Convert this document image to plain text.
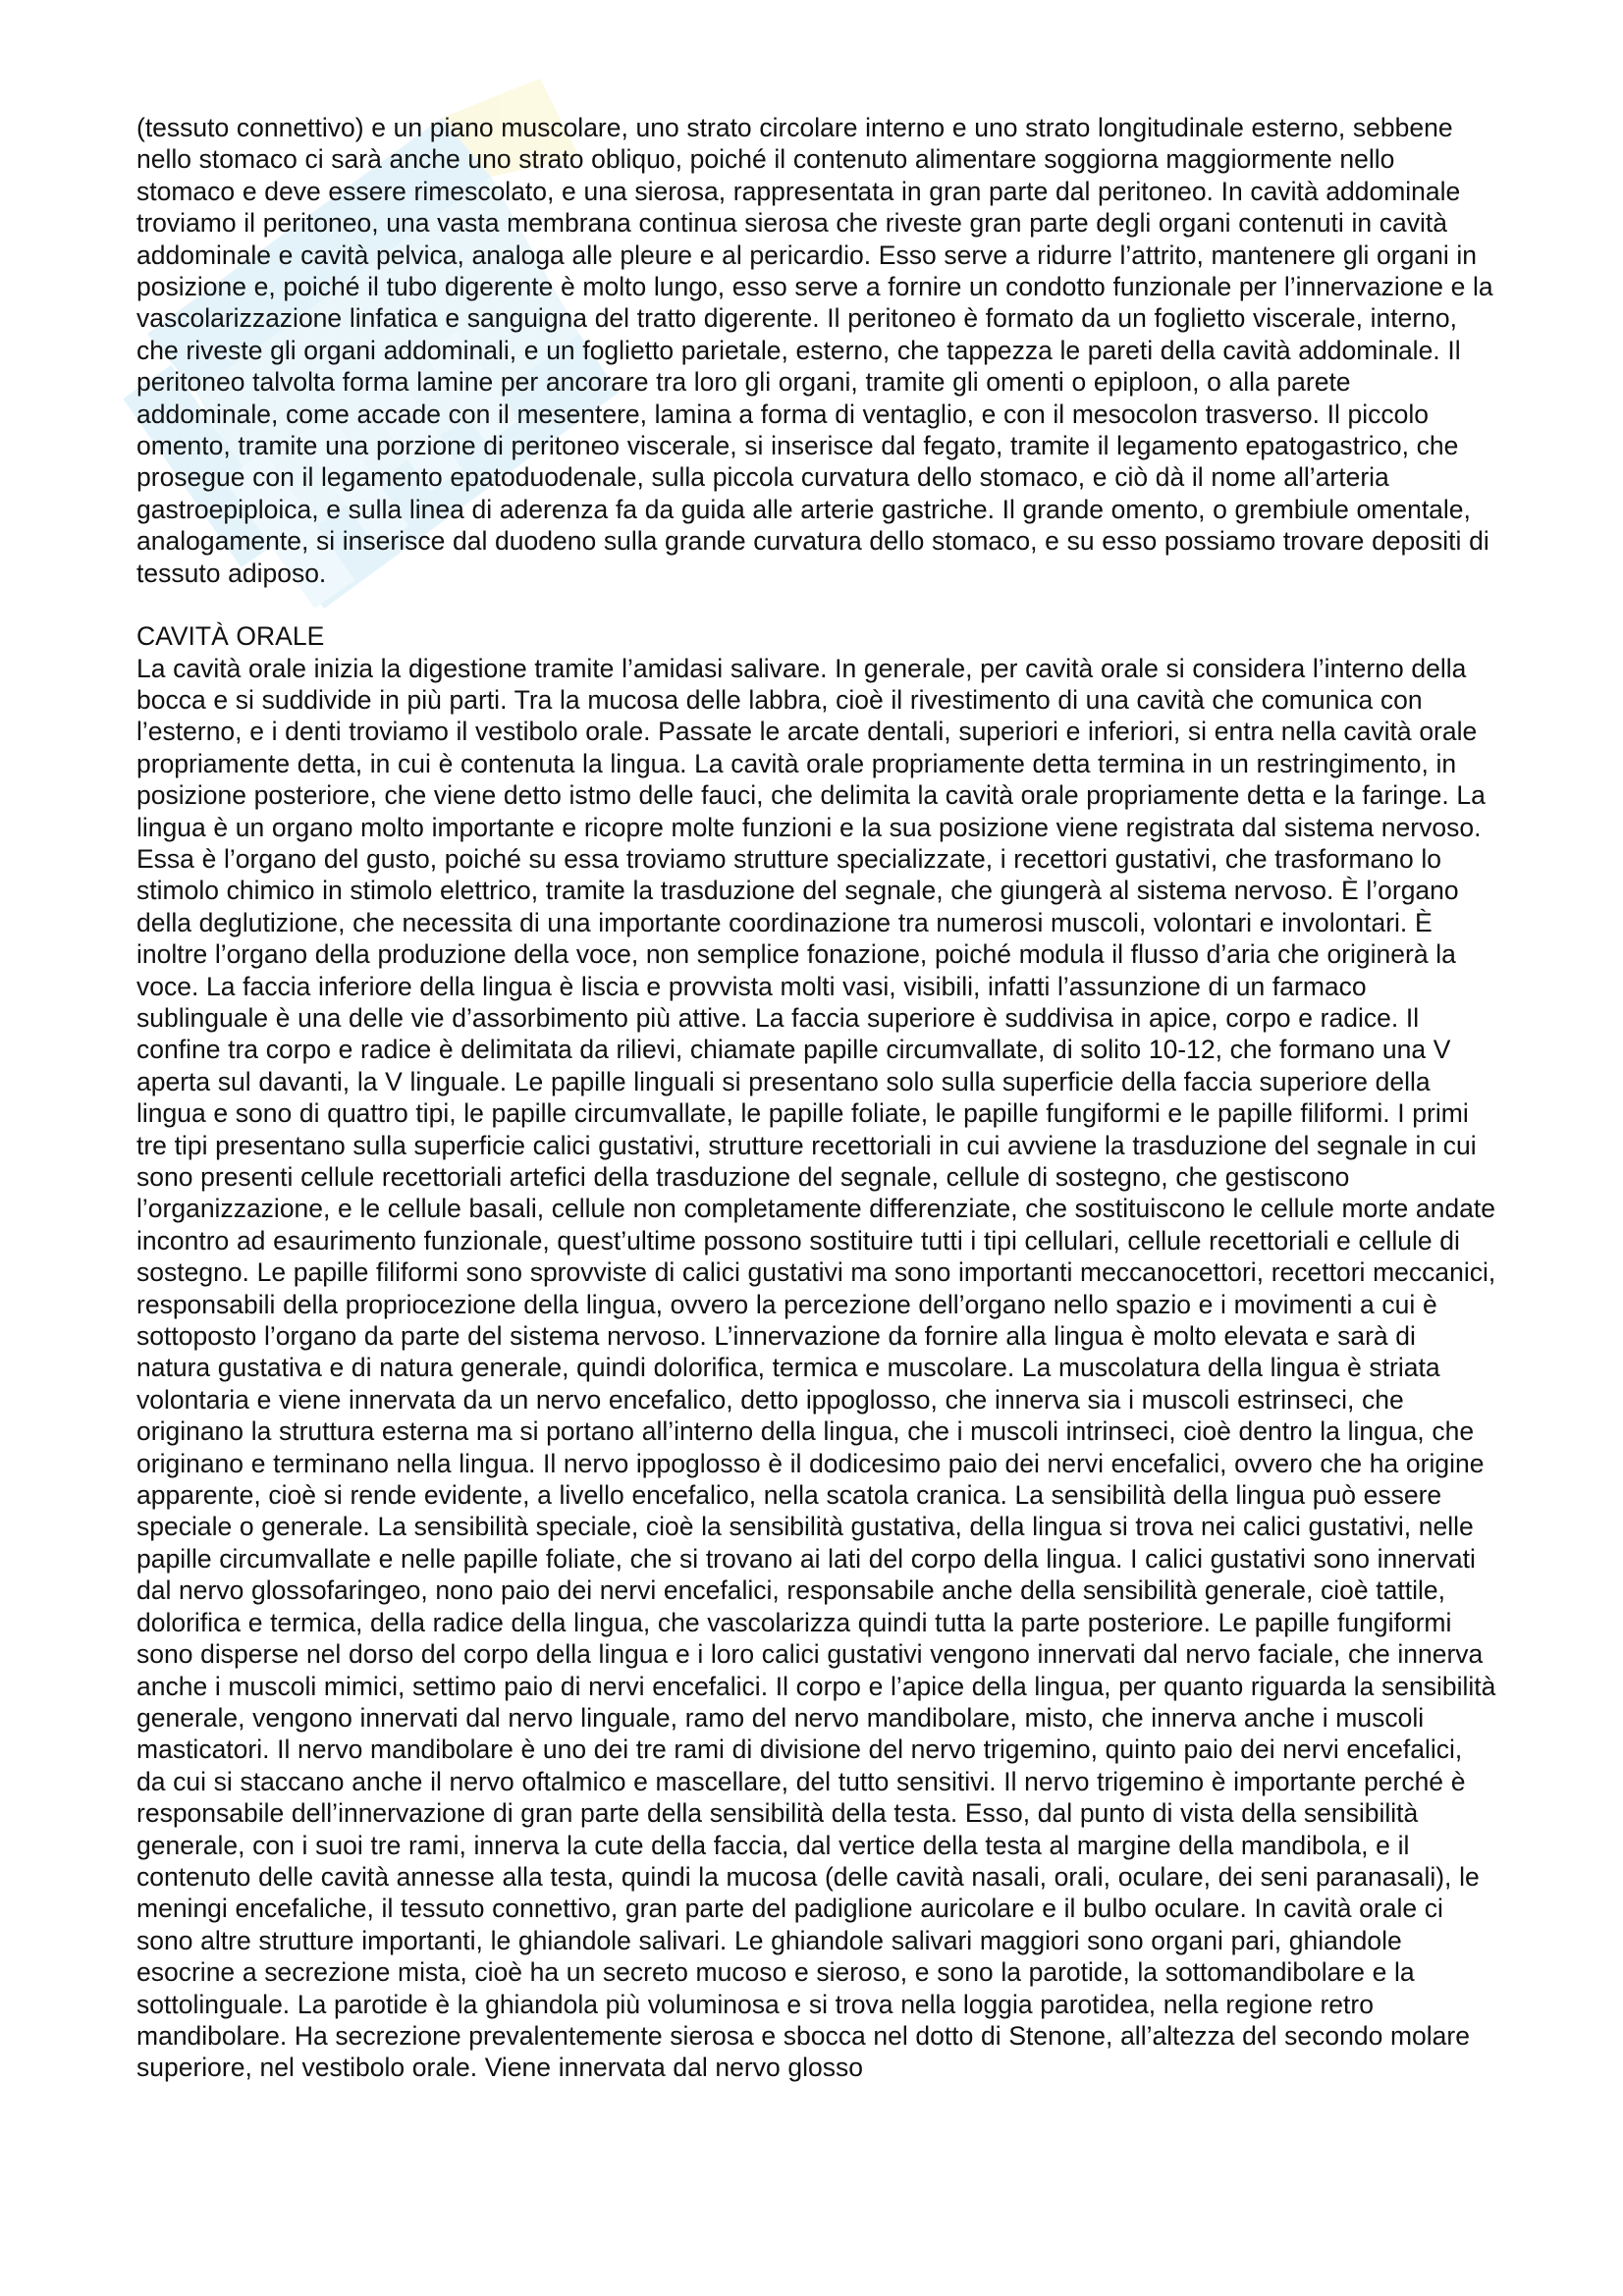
(tessuto connettivo) e un piano muscolare, uno strato circolare interno e uno strato longitudinale esterno, sebbene nello stomaco ci sarà anche uno strato obliquo, poiché il contenuto alimentare soggiorna maggiormente nello stomaco e deve essere rimescolato, e una sierosa, rappresentata in gran parte dal peritoneo. In cavità addominale troviamo il peritoneo, una vasta membrana continua sierosa che riveste gran parte degli organi contenuti in cavità addominale e cavità pelvica, analoga alle pleure e al pericardio. Esso serve a ridurre l’attrito, mantenere gli organi in posizione e, poiché il tubo digerente è molto lungo, esso serve a fornire un condotto funzionale per l’innervazione e la vascolarizzazione linfatica e sanguigna del tratto digerente. Il peritoneo è formato da un foglietto viscerale, interno, che riveste gli organi addominali, e un foglietto parietale, esterno, che tappezza le pareti della cavità addominale. Il peritoneo talvolta forma lamine per ancorare tra loro gli organi, tramite gli omenti o epiploon, o alla parete addominale, come accade con il mesentere, lamina a forma di ventaglio, e con il mesocolon trasverso. Il piccolo omento, tramite una porzione di peritoneo viscerale, si inserisce dal fegato, tramite il legamento epatogastrico, che prosegue con il legamento epatoduodenale, sulla piccola curvatura dello stomaco, e ciò dà il nome all’arteria gastroepiploica, e sulla linea di aderenza fa da guida alle arterie gastriche. Il grande omento, o grembiule omentale, analogamente, si inserisce dal duodeno sulla grande curvatura dello stomaco, e su esso possiamo trovare depositi di tessuto adiposo.

CAVITÀ ORALE

La cavità orale inizia la digestione tramite l’amidasi salivare. In generale, per cavità orale si considera l’interno della bocca e si suddivide in più parti. Tra la mucosa delle labbra, cioè il rivestimento di una cavità che comunica con l’esterno, e i denti troviamo il vestibolo orale. Passate le arcate dentali, superiori e inferiori, si entra nella cavità orale propriamente detta, in cui è contenuta la lingua. La cavità orale propriamente detta termina in un restringimento, in posizione posteriore, che viene detto istmo delle fauci, che delimita la cavità orale propriamente detta e la faringe. La lingua è un organo molto importante e ricopre molte funzioni e la sua posizione viene registrata dal sistema nervoso. Essa è l’organo del gusto, poiché su essa troviamo strutture specializzate, i recettori gustativi, che trasformano lo stimolo chimico in stimolo elettrico, tramite la trasduzione del segnale, che giungerà al sistema nervoso. È l’organo della deglutizione, che necessita di una importante coordinazione tra numerosi muscoli, volontari e involontari. È inoltre l’organo della produzione della voce, non semplice fonazione, poiché modula il flusso d’aria che originerà la voce. La faccia inferiore della lingua è liscia e provvista molti vasi, visibili, infatti l’assunzione di un farmaco sublinguale è una delle vie d’assorbimento più attive. La faccia superiore è suddivisa in apice, corpo e radice. Il confine tra corpo e radice è delimitata da rilievi, chiamate papille circumvallate, di solito 10-12, che formano una V aperta sul davanti, la V linguale. Le papille linguali si presentano solo sulla superficie della faccia superiore della lingua e sono di quattro tipi, le papille circumvallate, le papille foliate, le papille fungiformi e le papille filiformi. I primi tre tipi presentano sulla superficie calici gustativi, strutture recettoriali in cui avviene la trasduzione del segnale in cui sono presenti cellule recettoriali artefici della trasduzione del segnale, cellule di sostegno, che gestiscono l’organizzazione, e le cellule basali, cellule non completamente differenziate, che sostituiscono le cellule morte andate incontro ad esaurimento funzionale, quest’ultime possono sostituire tutti i tipi cellulari, cellule recettoriali e cellule di sostegno. Le papille filiformi sono sprovviste di calici gustativi ma sono importanti meccanocettori, recettori meccanici, responsabili della propriocezione della lingua, ovvero la percezione dell’organo nello spazio e i movimenti a cui è sottoposto l’organo da parte del sistema nervoso. L’innervazione da fornire alla lingua è molto elevata e sarà di natura gustativa e di natura generale, quindi dolorifica, termica e muscolare. La muscolatura della lingua è striata volontaria e viene innervata da un nervo encefalico, detto ippoglosso, che innerva sia i muscoli estrinseci, che originano la struttura esterna ma si portano all’interno della lingua, che i muscoli intrinseci, cioè dentro la lingua, che originano e terminano nella lingua. Il nervo ippoglosso è il dodicesimo paio dei nervi encefalici, ovvero che ha origine apparente, cioè si rende evidente, a livello encefalico, nella scatola cranica. La sensibilità della lingua può essere speciale o generale. La sensibilità speciale, cioè la sensibilità gustativa, della lingua si trova nei calici gustativi, nelle papille circumvallate e nelle papille foliate, che si trovano ai lati del corpo della lingua. I calici gustativi sono innervati dal nervo glossofaringeo, nono paio dei nervi encefalici, responsabile anche della sensibilità generale, cioè tattile, dolorifica e termica, della radice della lingua, che vascolarizza quindi tutta la parte posteriore. Le papille fungiformi sono disperse nel dorso del corpo della lingua e i loro calici gustativi vengono innervati dal nervo faciale, che innerva anche i muscoli mimici, settimo paio di nervi encefalici. Il corpo e l’apice della lingua, per quanto riguarda la sensibilità generale, vengono innervati dal nervo linguale, ramo del nervo mandibolare, misto, che innerva anche i muscoli masticatori. Il nervo mandibolare è uno dei tre rami di divisione del nervo trigemino, quinto paio dei nervi encefalici, da cui si staccano anche il nervo oftalmico e mascellare, del tutto sensitivi. Il nervo trigemino è importante perché è responsabile dell’innervazione di gran parte della sensibilità della testa. Esso, dal punto di vista della sensibilità generale, con i suoi tre rami, innerva la cute della faccia, dal vertice della testa al margine della mandibola, e il contenuto delle cavità annesse alla testa, quindi la mucosa (delle cavità nasali, orali, oculare, dei seni paranasali), le meningi encefaliche, il tessuto connettivo, gran parte del padiglione auricolare e il bulbo oculare. In cavità orale ci sono altre strutture importanti, le ghiandole salivari. Le ghiandole salivari maggiori sono organi pari, ghiandole esocrine a secrezione mista, cioè ha un secreto mucoso e sieroso, e sono la parotide, la sottomandibolare e la sottolinguale. La parotide è la ghiandola più voluminosa e si trova nella loggia parotidea, nella regione retro mandibolare. Ha secrezione prevalentemente sierosa e sbocca nel dotto di Stenone, all’altezza del secondo molare superiore, nel vestibolo orale. Viene innervata dal nervo glosso
